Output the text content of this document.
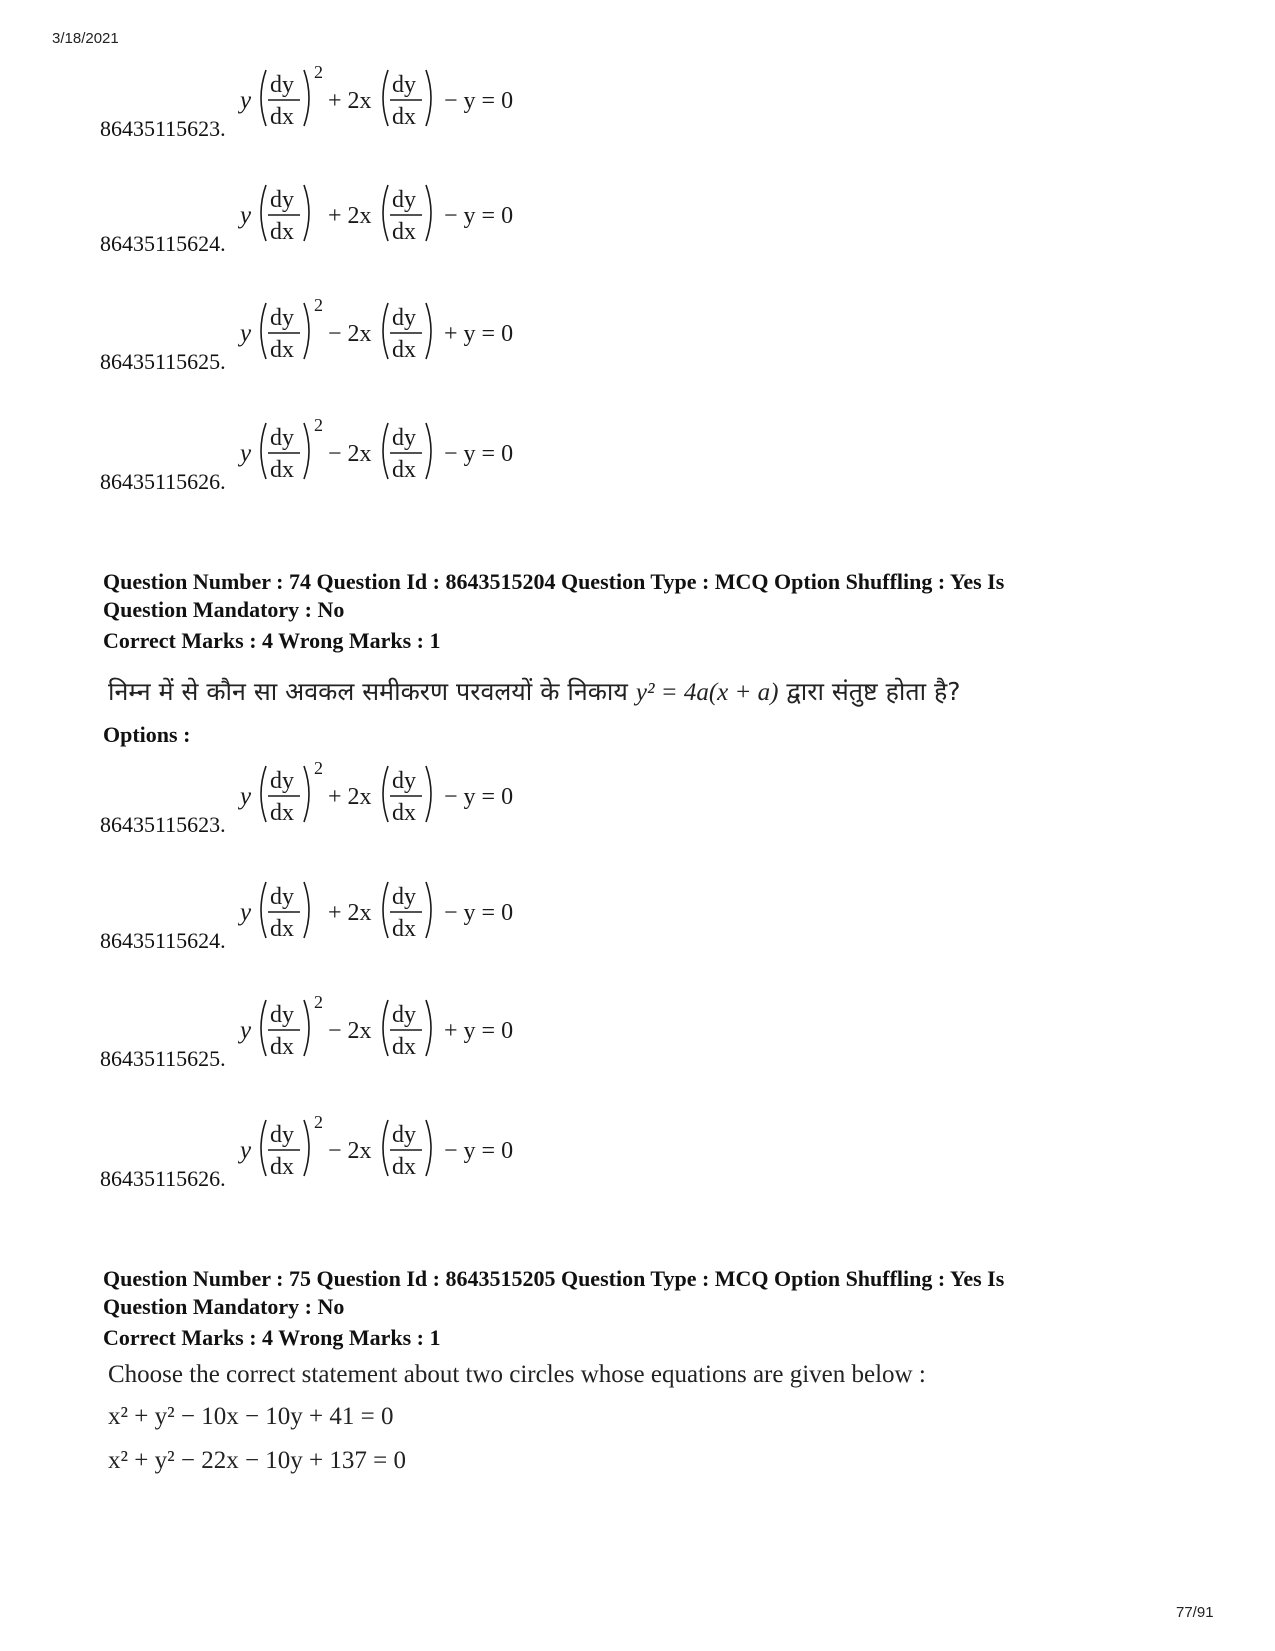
3/18/2021
86435115623.
y
dy
dx
2
+ 2x
dy
dx
− y = 0
86435115624.
y
dy
dx
+ 2x
dy
dx
− y = 0
86435115625.
y
dy
dx
2
− 2x
dy
dx
+ y = 0
86435115626.
y
dy
dx
2
− 2x
dy
dx
− y = 0
Question Number : 74 Question Id : 8643515204 Question Type : MCQ Option Shuffling : Yes Is
Question Mandatory : No
Correct Marks : 4 Wrong Marks : 1
निम्न में से कौन सा अवकल समीकरण परवलयों के निकाय y² = 4a(x + a) द्वारा संतुष्ट होता है?
Options :
86435115623.
y
dy
dx
2
+ 2x
dy
dx
− y = 0
86435115624.
y
dy
dx
+ 2x
dy
dx
− y = 0
86435115625.
y
dy
dx
2
− 2x
dy
dx
+ y = 0
86435115626.
y
dy
dx
2
− 2x
dy
dx
− y = 0
Question Number : 75 Question Id : 8643515205 Question Type : MCQ Option Shuffling : Yes Is
Question Mandatory : No
Correct Marks : 4 Wrong Marks : 1
Choose the correct statement about two circles whose equations are given below :
x² + y² − 10x − 10y + 41 = 0
x² + y² − 22x − 10y + 137 = 0
77/91
